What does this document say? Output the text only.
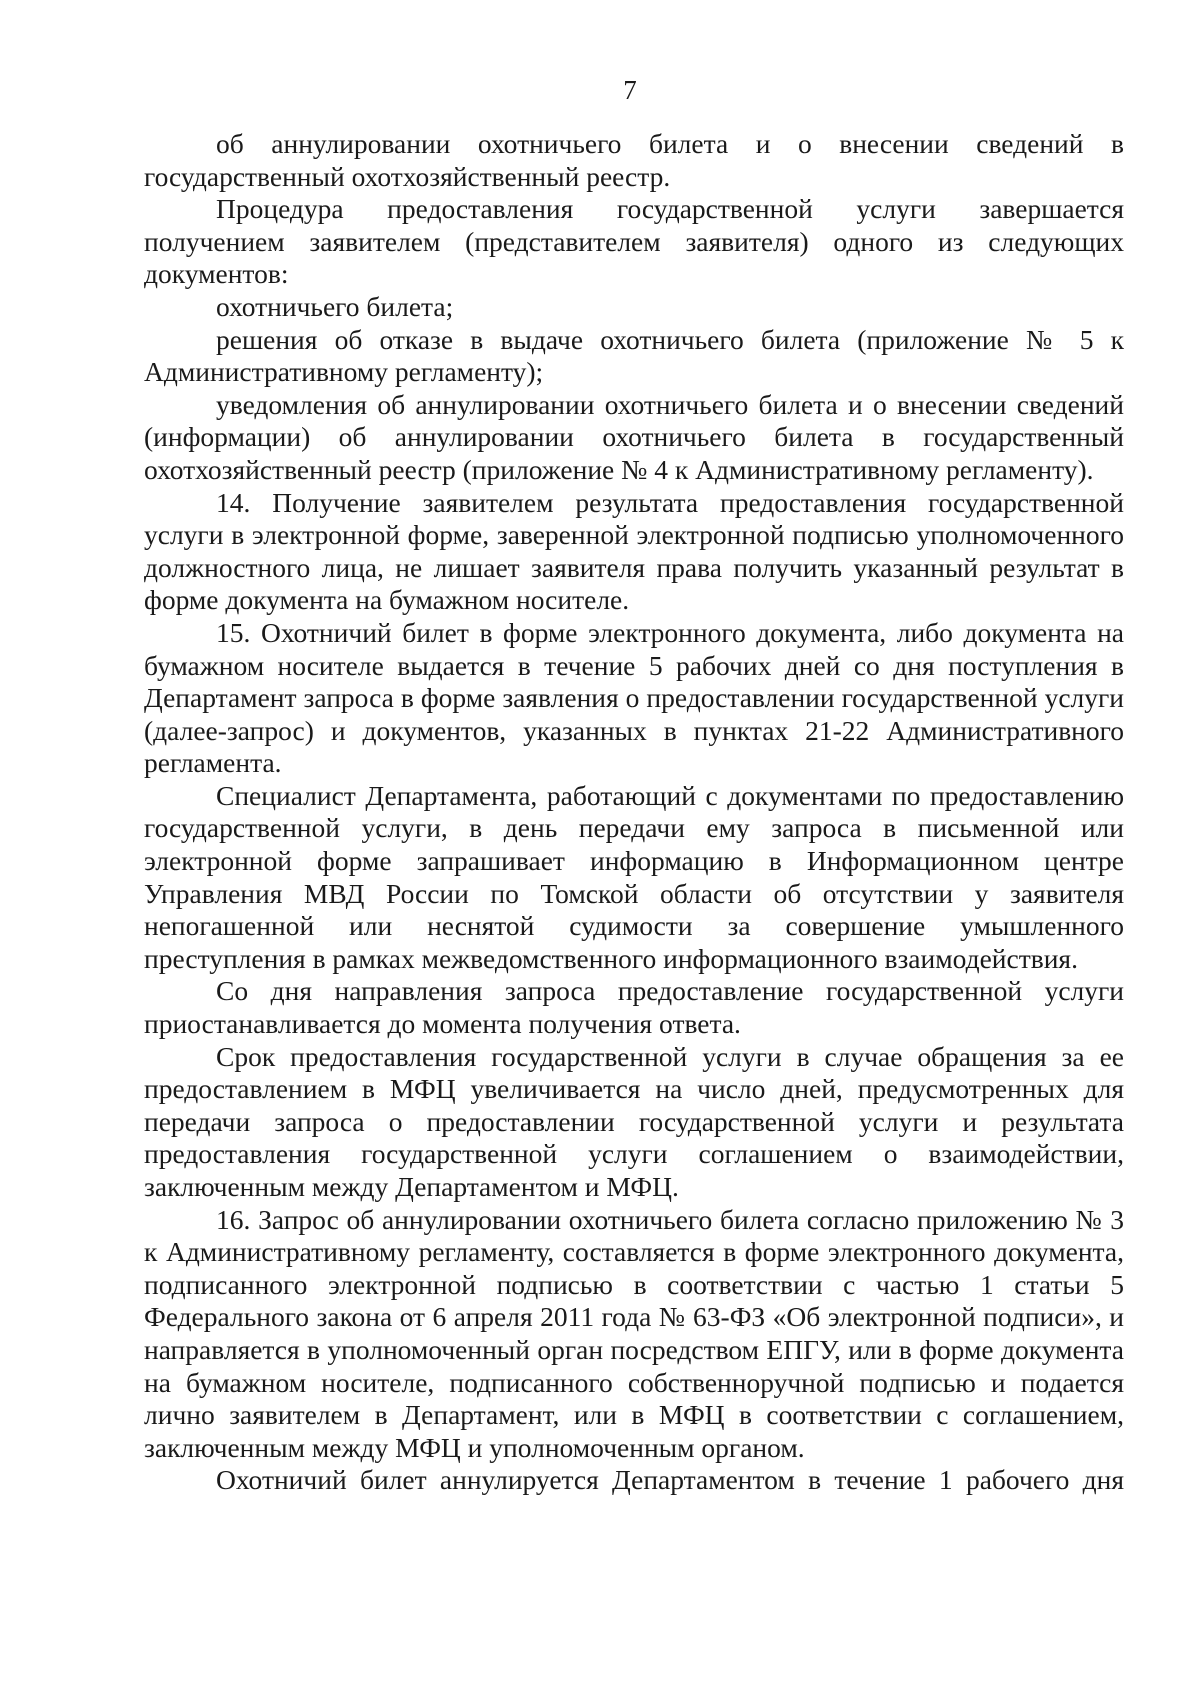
7

об аннулировании охотничьего билета и о внесении сведений в государственный охотхозяйственный реестр.

Процедура предоставления государственной услуги завершается получением заявителем (представителем заявителя) одного из следующих документов:

охотничьего билета;

решения об отказе в выдаче охотничьего билета (приложение № 5 к Административному регламенту);

уведомления об аннулировании охотничьего билета и о внесении сведений (информации) об аннулировании охотничьего билета в государственный охотхозяйственный реестр (приложение № 4 к Административному регламенту).

14. Получение заявителем результата предоставления государственной услуги в электронной форме, заверенной электронной подписью уполномоченного должностного лица, не лишает заявителя права получить указанный результат в форме документа на бумажном носителе.

15. Охотничий билет в форме электронного документа, либо документа на бумажном носителе выдается в течение 5 рабочих дней со дня поступления в Департамент запроса в форме заявления о предоставлении государственной услуги (далее-запрос) и документов, указанных в пунктах 21-22 Административного регламента.

Специалист Департамента, работающий с документами по предоставлению государственной услуги, в день передачи ему запроса в письменной или электронной форме запрашивает информацию в Информационном центре Управления МВД России по Томской области об отсутствии у заявителя непогашенной или неснятой судимости за совершение умышленного преступления в рамках межведомственного информационного взаимодействия.

Со дня направления запроса предоставление государственной услуги приостанавливается до момента получения ответа.

Срок предоставления государственной услуги в случае обращения за ее предоставлением в МФЦ увеличивается на число дней, предусмотренных для передачи запроса о предоставлении государственной услуги и результата предоставления государственной услуги соглашением о взаимодействии, заключенным между Департаментом и МФЦ.

16. Запрос об аннулировании охотничьего билета согласно приложению № 3 к Административному регламенту, составляется в форме электронного документа, подписанного электронной подписью в соответствии с частью 1 статьи 5 Федерального закона от 6 апреля 2011 года № 63-ФЗ «Об электронной подписи», и направляется в уполномоченный орган посредством ЕПГУ, или в форме документа на бумажном носителе, подписанного собственноручной подписью и подается лично заявителем в Департамент, или в МФЦ в соответствии с соглашением, заключенным между МФЦ и уполномоченным органом.

Охотничий билет аннулируется Департаментом в течение 1 рабочего дня
